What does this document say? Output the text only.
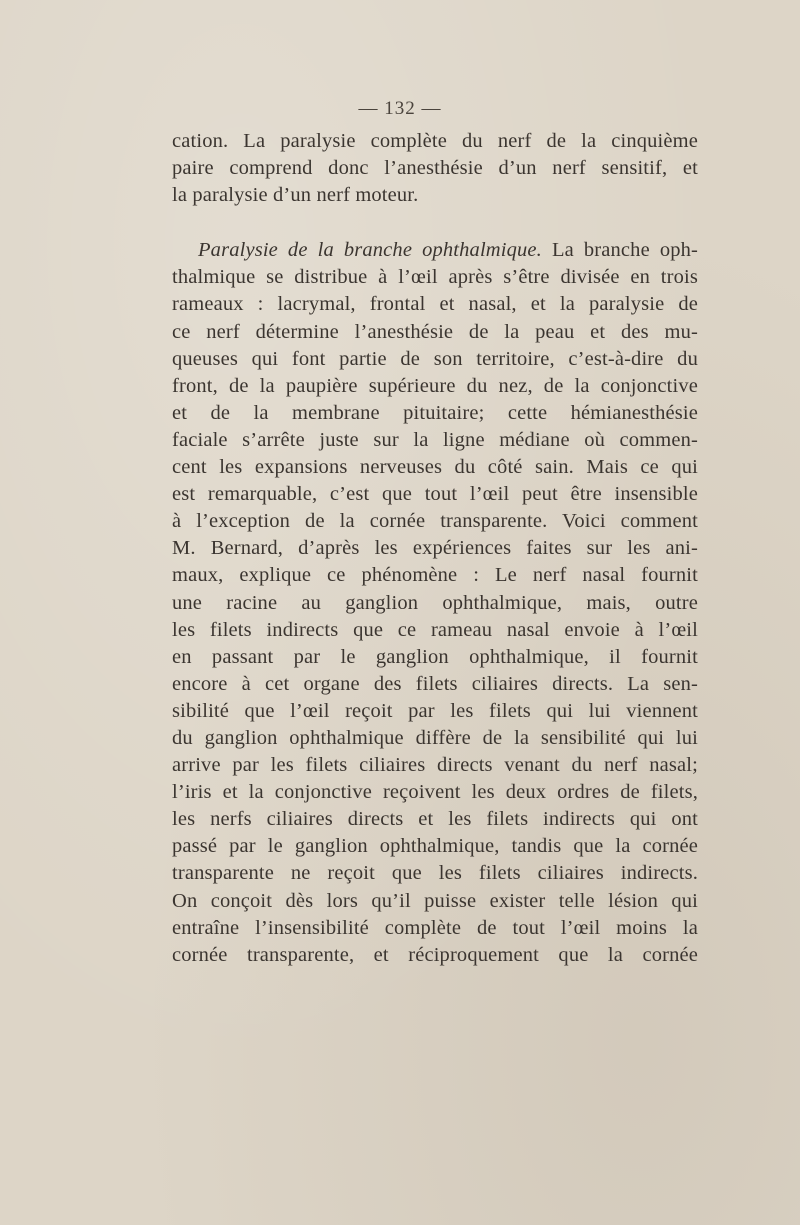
— 132 —
cation. La paralysie complète du nerf de la cinquième
paire comprend donc l’anesthésie d’un nerf sensitif, et
la paralysie d’un nerf moteur.
Paralysie de la branche ophthalmique. La branche oph-
thalmique se distribue à l’œil après s’être divisée en trois
rameaux : lacrymal, frontal et nasal, et la paralysie de
ce nerf détermine l’anesthésie de la peau et des mu-
queuses qui font partie de son territoire, c’est-à-dire du
front, de la paupière supérieure du nez, de la conjonctive
et de la membrane pituitaire; cette hémianesthésie
faciale s’arrête juste sur la ligne médiane où commen-
cent les expansions nerveuses du côté sain. Mais ce qui
est remarquable, c’est que tout l’œil peut être insensible
à l’exception de la cornée transparente. Voici comment
M. Bernard, d’après les expériences faites sur les ani-
maux, explique ce phénomène : Le nerf nasal fournit
une racine au ganglion ophthalmique, mais, outre
les filets indirects que ce rameau nasal envoie à l’œil
en passant par le ganglion ophthalmique, il fournit
encore à cet organe des filets ciliaires directs. La sen-
sibilité que l’œil reçoit par les filets qui lui viennent
du ganglion ophthalmique diffère de la sensibilité qui lui
arrive par les filets ciliaires directs venant du nerf nasal;
l’iris et la conjonctive reçoivent les deux ordres de filets,
les nerfs ciliaires directs et les filets indirects qui ont
passé par le ganglion ophthalmique, tandis que la cornée
transparente ne reçoit que les filets ciliaires indirects.
On conçoit dès lors qu’il puisse exister telle lésion qui
entraîne l’insensibilité complète de tout l’œil moins la
cornée transparente, et réciproquement que la cornée
